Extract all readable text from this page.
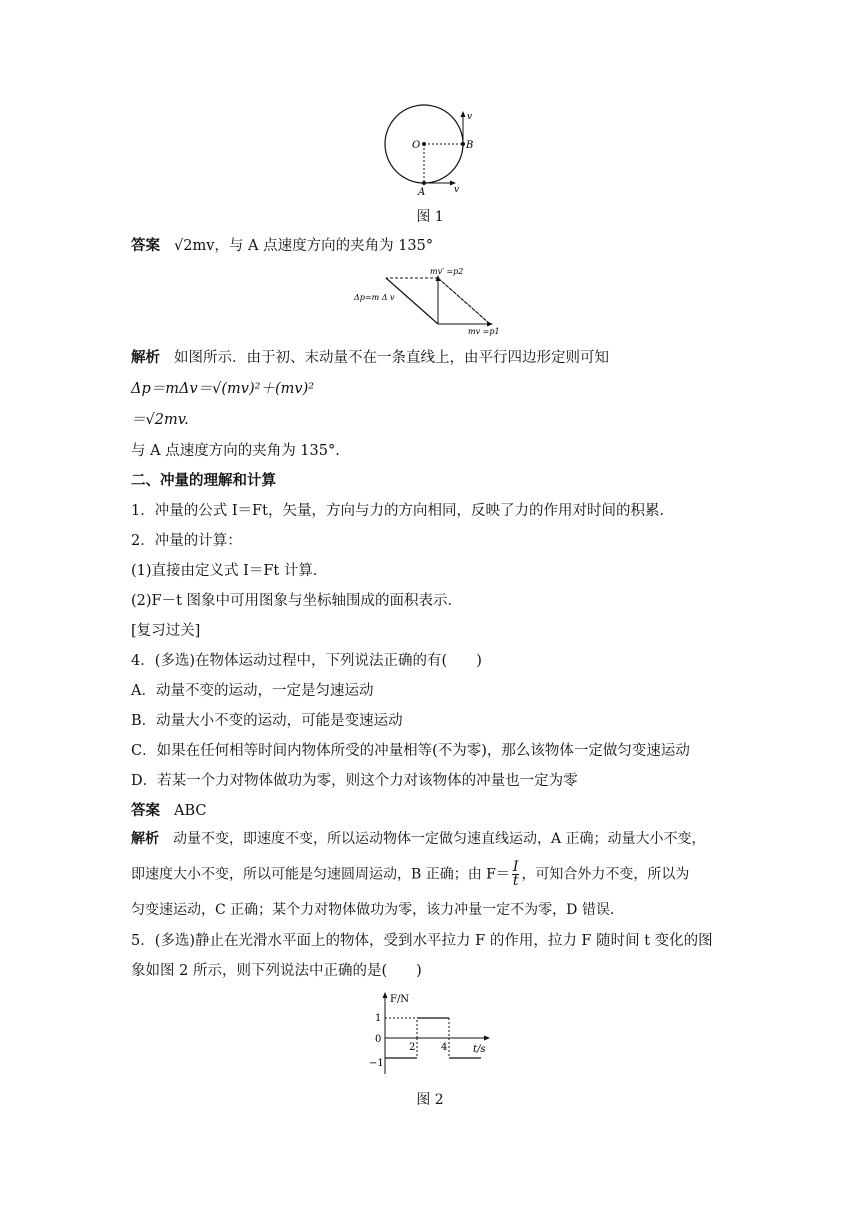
O	B
A
v
v
图 1
答案 √2mv，与 A 点速度方向的夹角为 135°
mv′ =p2
mv =p1
Δp=m Δ v
解析 如图所示．由于初、末动量不在一条直线上，由平行四边形定则可知
Δp＝mΔv＝√(mv)²＋(mv)²
＝√2mv.
与 A 点速度方向的夹角为 135°.
二、冲量的理解和计算
1．冲量的公式 I＝Ft，矢量，方向与力的方向相同，反映了力的作用对时间的积累．
2．冲量的计算：
(1)直接由定义式 I＝Ft 计算．
(2)F－t 图象中可用图象与坐标轴围成的面积表示．
[复习过关]
4．(多选)在物体运动过程中，下列说法正确的有(　　)
A．动量不变的运动，一定是匀速运动
B．动量大小不变的运动，可能是变速运动
C．如果在任何相等时间内物体所受的冲量相等(不为零)，那么该物体一定做匀变速运动
D．若某一个力对物体做功为零，则这个力对该物体的冲量也一定为零
答案 ABC
解析 动量不变，即速度不变，所以运动物体一定做匀速直线运动，A 正确；动量大小不变，
即速度大小不变，所以可能是匀速圆周运动，B 正确；由 $F= \frac{I}{t}$ ，可知合外力不变，所以为
匀变速运动，C 正确；某个力对物体做功为零，该力冲量一定不为零，D 错误．
5．(多选)静止在光滑水平面上的物体，受到水平拉力 F 的作用，拉力 F 随时间 t 变化的图
象如图 2 所示，则下列说法中正确的是(　　)
F/N
t/s
1
0
−1
2	4
图 2
